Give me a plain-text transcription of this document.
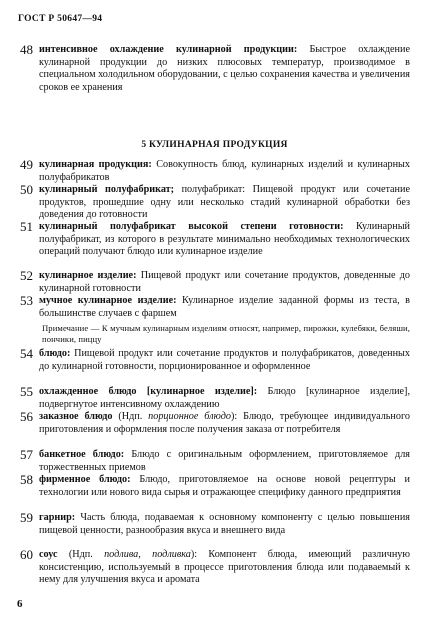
ГОСТ Р 50647—94
48 интенсивное охлаждение кулинарной продукции: Быстрое охлаждение кулинарной продукции до низких плюсовых температур, производимое в специальном холодильном оборудовании, с целью сохранения качества и увеличения сроков ее хранения
5 КУЛИНАРНАЯ ПРОДУКЦИЯ
49 кулинарная продукция: Совокупность блюд, кулинарных изделий и кулинарных полуфабрикатов
50 кулинарный полуфабрикат; полуфабрикат: Пищевой продукт или сочетание продуктов, прошедшие одну или несколько стадий кулинарной обработки без доведения до готовности
51 кулинарный полуфабрикат высокой степени готовности: Кулинарный полуфабрикат, из которого в результате минимально необходимых технологических операций получают блюдо или кулинарное изделие
52 кулинарное изделие: Пищевой продукт или сочетание продуктов, доведенные до кулинарной готовности
53 мучное кулинарное изделие: Кулинарное изделие заданной формы из теста, в большинстве случаев с фаршем
Примечание — К мучным кулинарным изделиям относят, например, пирожки, кулебяки, беляши, пончики, пиццу
54 блюдо: Пищевой продукт или сочетание продуктов и полуфабрикатов, доведенных до кулинарной готовности, порционированное и оформленное
55 охлажденное блюдо [кулинарное изделие]: Блюдо [кулинарное изделие], подвергнутое интенсивному охлаждению
56 заказное блюдо (Ндп. порционное блюдо): Блюдо, требующее индивидуального приготовления и оформления после получения заказа от потребителя
57 банкетное блюдо: Блюдо с оригинальным оформлением, приготовляемое для торжественных приемов
58 фирменное блюдо: Блюдо, приготовляемое на основе новой рецептуры и технологии или нового вида сырья и отражающее специфику данного предприятия
59 гарнир: Часть блюда, подаваемая к основному компоненту с целью повышения пищевой ценности, разнообразия вкуса и внешнего вида
60 соус (Ндп. подлива, подливка): Компонент блюда, имеющий различную консистенцию, используемый в процессе приготовления блюда или подаваемый к нему для улучшения вкуса и аромата
6
